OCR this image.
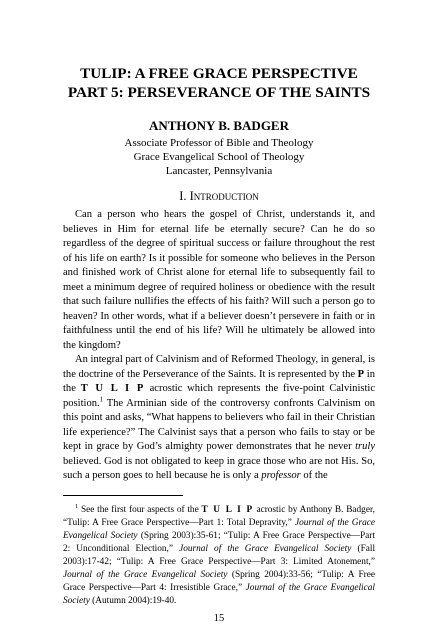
TULIP: A FREE GRACE PERSPECTIVE
PART 5: PERSEVERANCE OF THE SAINTS
ANTHONY B. BADGER
Associate Professor of Bible and Theology
Grace Evangelical School of Theology
Lancaster, Pennsylvania
I. Introduction

Can a person who hears the gospel of Christ, understands it, and believes in Him for eternal life be eternally secure? Can he do so regardless of the degree of spiritual success or failure throughout the rest of his life on earth? Is it possible for someone who believes in the Person and finished work of Christ alone for eternal life to subsequently fail to meet a minimum degree of required holiness or obedience with the result that such failure nullifies the effects of his faith? Will such a person go to heaven? In other words, what if a believer doesn’t persevere in faith or in faithfulness until the end of his life? Will he ultimately be allowed into the kingdom?

An integral part of Calvinism and of Reformed Theology, in general, is the doctrine of the Perseverance of the Saints. It is represented by the P in the T U L I P acrostic which represents the five-point Calvinistic position.$^1$ The Arminian side of the controversy confronts Calvinism on this point and asks, “What happens to believers who fail in their Christian life experience?” The Calvinist says that a person who fails to stay or be kept in grace by God’s almighty power demonstrates that he never truly believed. God is not obligated to keep in grace those who are not His. So, such a person goes to hell because he is only a professor of the

$^1$ See the first four aspects of the T U L I P acrostic by Anthony B. Badger, “Tulip: A Free Grace Perspective—Part 1: Total Depravity,” Journal of the Grace Evangelical Society (Spring 2003):35-61; “Tulip: A Free Grace Perspective—Part 2: Unconditional Election,” Journal of the Grace Evangelical Society (Fall 2003):17-42; “Tulip: A Free Grace Perspective—Part 3: Limited Atonement,” Journal of the Grace Evangelical Society (Spring 2004):33-56; “Tulip: A Free Grace Perspective—Part 4: Irresistible Grace,” Journal of the Grace Evangelical Society (Autumn 2004):19-40.

15
